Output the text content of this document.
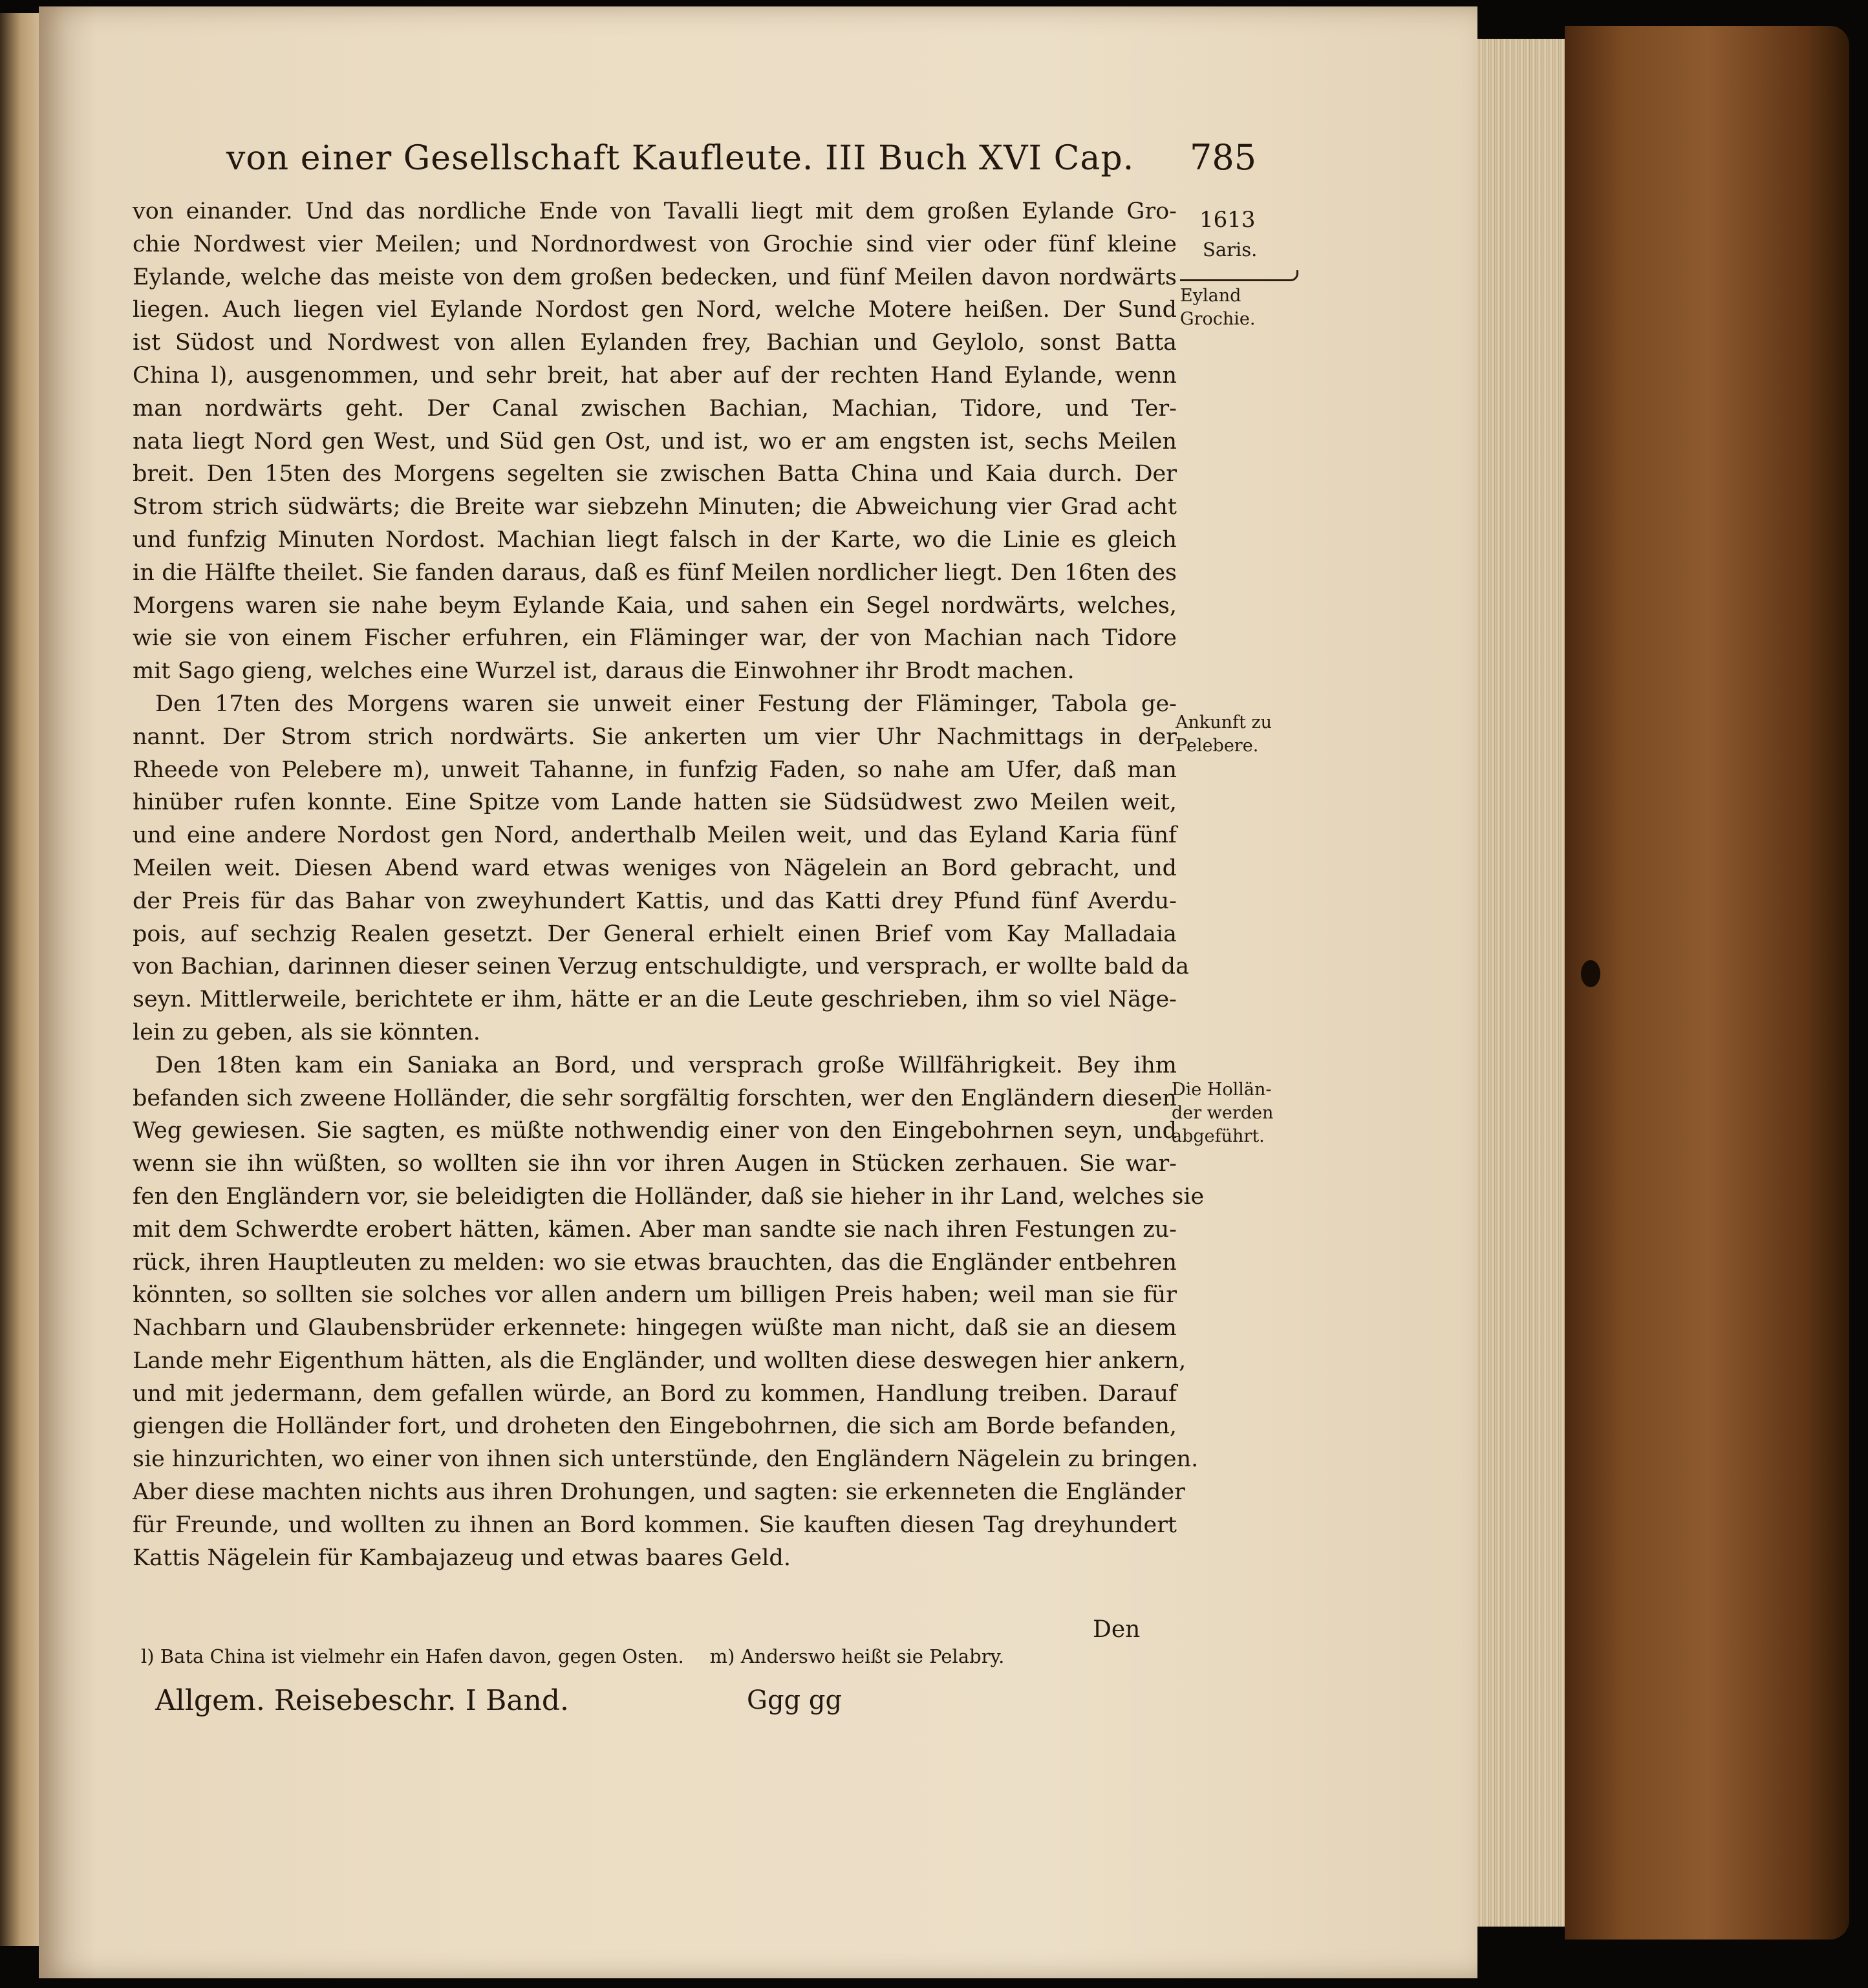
von einer Gesellschaft Kaufleute. III Buch XVI Cap.	785
von einander. Und das nordliche Ende von Tavalli liegt mit dem großen Eylande Gro-
chie Nordwest vier Meilen; und Nordnordwest von Grochie sind vier oder fünf kleine
Eylande, welche das meiste von dem großen bedecken, und fünf Meilen davon nordwärts
liegen. Auch liegen viel Eylande Nordost gen Nord, welche Motere heißen. Der Sund
ist Südost und Nordwest von allen Eylanden frey, Bachian und Geylolo, sonst Batta
China l), ausgenommen, und sehr breit, hat aber auf der rechten Hand Eylande, wenn
man nordwärts geht. Der Canal zwischen Bachian, Machian, Tidore, und Ter-
nata liegt Nord gen West, und Süd gen Ost, und ist, wo er am engsten ist, sechs Meilen
breit. Den 15ten des Morgens segelten sie zwischen Batta China und Kaia durch. Der
Strom strich südwärts; die Breite war siebzehn Minuten; die Abweichung vier Grad acht
und funfzig Minuten Nordost. Machian liegt falsch in der Karte, wo die Linie es gleich
in die Hälfte theilet. Sie fanden daraus, daß es fünf Meilen nordlicher liegt. Den 16ten des
Morgens waren sie nahe beym Eylande Kaia, und sahen ein Segel nordwärts, welches,
wie sie von einem Fischer erfuhren, ein Fläminger war, der von Machian nach Tidore
mit Sago gieng, welches eine Wurzel ist, daraus die Einwohner ihr Brodt machen.
Den 17ten des Morgens waren sie unweit einer Festung der Fläminger, Tabola ge-
nannt. Der Strom strich nordwärts. Sie ankerten um vier Uhr Nachmittags in der
Rheede von Pelebere m), unweit Tahanne, in funfzig Faden, so nahe am Ufer, daß man
hinüber rufen konnte. Eine Spitze vom Lande hatten sie Südsüdwest zwo Meilen weit,
und eine andere Nordost gen Nord, anderthalb Meilen weit, und das Eyland Karia fünf
Meilen weit. Diesen Abend ward etwas weniges von Nägelein an Bord gebracht, und
der Preis für das Bahar von zweyhundert Kattis, und das Katti drey Pfund fünf Averdu-
pois, auf sechzig Realen gesetzt. Der General erhielt einen Brief vom Kay Malladaia
von Bachian, darinnen dieser seinen Verzug entschuldigte, und versprach, er wollte bald da
seyn. Mittlerweile, berichtete er ihm, hätte er an die Leute geschrieben, ihm so viel Näge-
lein zu geben, als sie könnten.
Den 18ten kam ein Saniaka an Bord, und versprach große Willfährigkeit. Bey ihm
befanden sich zweene Holländer, die sehr sorgfältig forschten, wer den Engländern diesen
Weg gewiesen. Sie sagten, es müßte nothwendig einer von den Eingebohrnen seyn, und
wenn sie ihn wüßten, so wollten sie ihn vor ihren Augen in Stücken zerhauen. Sie war-
fen den Engländern vor, sie beleidigten die Holländer, daß sie hieher in ihr Land, welches sie
mit dem Schwerdte erobert hätten, kämen. Aber man sandte sie nach ihren Festungen zu-
rück, ihren Hauptleuten zu melden: wo sie etwas brauchten, das die Engländer entbehren
könnten, so sollten sie solches vor allen andern um billigen Preis haben; weil man sie für
Nachbarn und Glaubensbrüder erkennete: hingegen wüßte man nicht, daß sie an diesem
Lande mehr Eigenthum hätten, als die Engländer, und wollten diese deswegen hier ankern,
und mit jedermann, dem gefallen würde, an Bord zu kommen, Handlung treiben. Darauf
giengen die Holländer fort, und droheten den Eingebohrnen, die sich am Borde befanden,
sie hinzurichten, wo einer von ihnen sich unterstünde, den Engländern Nägelein zu bringen.
Aber diese machten nichts aus ihren Drohungen, und sagten: sie erkenneten die Engländer
für Freunde, und wollten zu ihnen an Bord kommen. Sie kauften diesen Tag dreyhundert
Kattis Nägelein für Kambajazeug und etwas baares Geld.
Den
l) Bata China ist vielmehr ein Hafen davon, gegen Osten. m) Anderswo heißt sie Pelabry.
Allgem. Reisebeschr. I Band.	Ggg gg
1613
Saris.
Eyland
Grochie.
Ankunft zu
Pelebere.
Die Hollän-
der werden
abgeführt.
